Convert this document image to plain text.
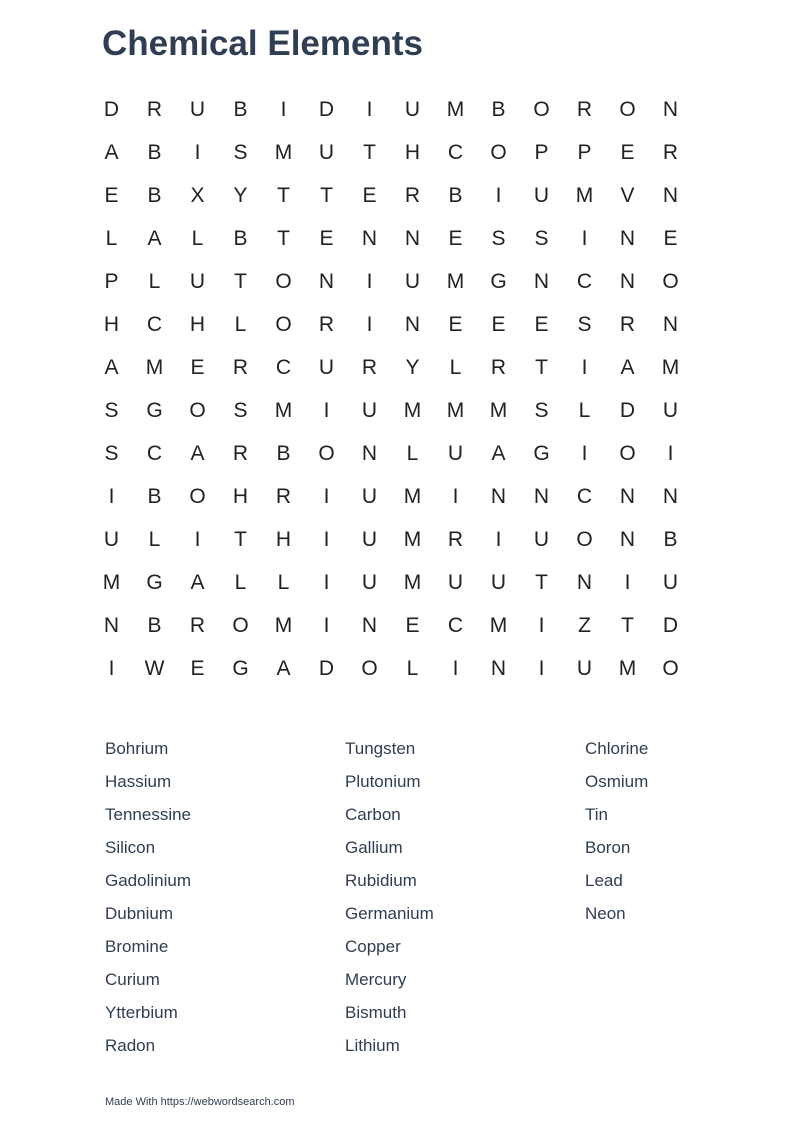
Chemical Elements
D	R	U	B	I	D	I	U	M	B	O	R	O	N
A	B	I	S	M	U	T	H	C	O	P	P	E	R
E	B	X	Y	T	T	E	R	B	I	U	M	V	N
L	A	L	B	T	E	N	N	E	S	S	I	N	E
P	L	U	T	O	N	I	U	M	G	N	C	N	O
H	C	H	L	O	R	I	N	E	E	E	S	R	N
A	M	E	R	C	U	R	Y	L	R	T	I	A	M
S	G	O	S	M	I	U	M	M	M	S	L	D	U
S	C	A	R	B	O	N	L	U	A	G	I	O	I
I	B	O	H	R	I	U	M	I	N	N	C	N	N
U	L	I	T	H	I	U	M	R	I	U	O	N	B
M	G	A	L	L	I	U	M	U	U	T	N	I	U
N	B	R	O	M	I	N	E	C	M	I	Z	T	D
I	W	E	G	A	D	O	L	I	N	I	U	M	O
Bohrium
Hassium
Tennessine
Silicon
Gadolinium
Dubnium
Bromine
Curium
Ytterbium
Radon
Tungsten
Plutonium
Carbon
Gallium
Rubidium
Germanium
Copper
Mercury
Bismuth
Lithium
Chlorine
Osmium
Tin
Boron
Lead
Neon
Made With https://webwordsearch.com
